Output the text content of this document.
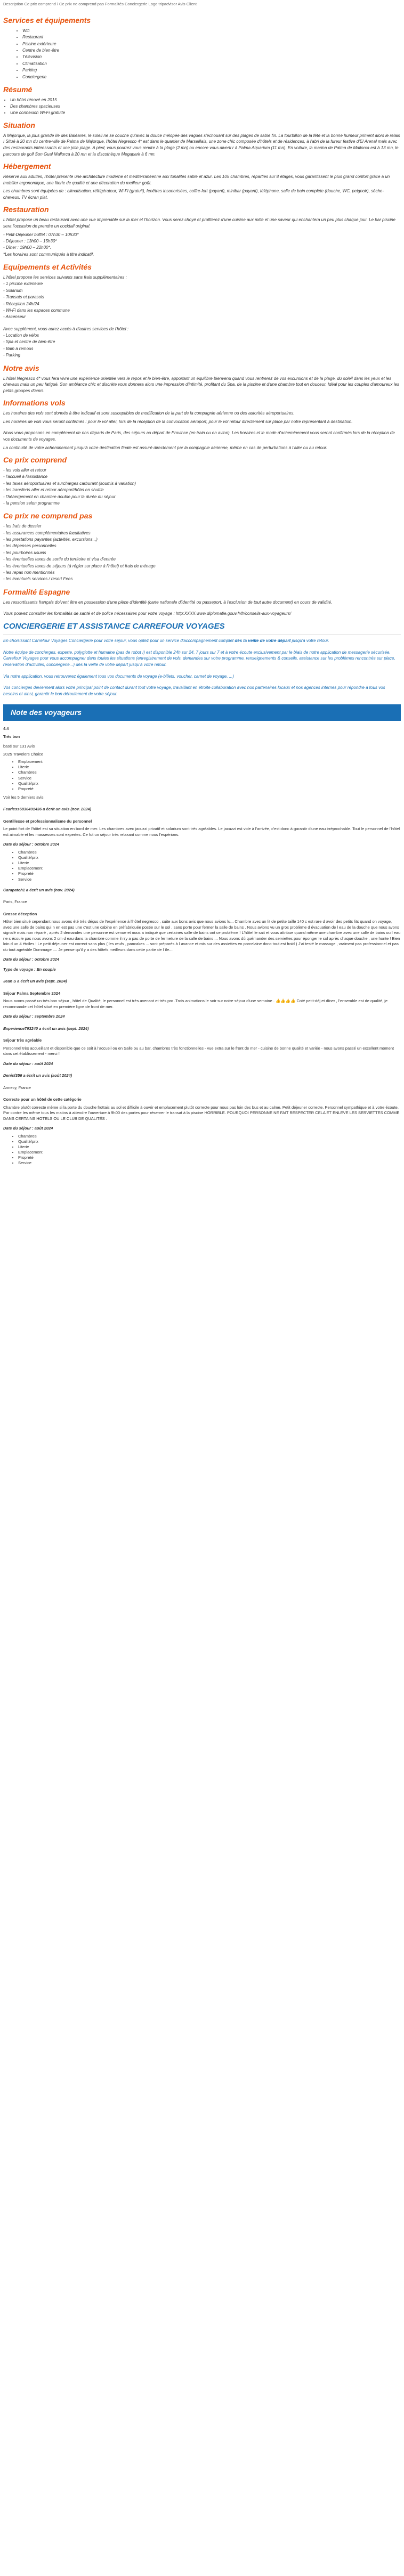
Description Ce prix comprend / Ce prix ne comprend pas Formalités Conciergerie Logo tripadvisor Avis Client
Services et équipements
• Wifi
• Restaurant
• Piscine extérieure
• Centre de bien-être
• Télévision
• Climatisation
• Parking
• Conciergerie
Résumé
• Un hôtel rénové en 2015
• Des chambres spacieuses
• Une connexion Wi-Fi gratuite
Situation

A Majorque, la plus grande île des Baléares, le soleil ne se couche qu'avec la douce mélopée des vagues s'échouant sur des plages de sable fin. La tourbillon de la fête et la bonne humeur priment alors le relais ! Situé à 20 mn du centre-ville de Palma de Majorque, l'hôtel Negresco 4* est dans le quartier de Marseillais, une zone chic composée d'hôtels et de résidences, à l'abri de la fureur festive d'El Arenal mais avec des restaurants intéressants et une jolie plage. A pied, vous pourrez vous rendre à la plage (2 mn) ou encore vous diverti r à Palma Aquarium (11 mn). En voiture, la marina de Palma de Mallorca est à 13 mn, le parcours de golf Son Gual Mallorca à 20 mn et la discothèque Megapark à 6 mn.

Hébergement

Réservé aux adultes, l'hôtel présente une architecture moderne et méditerranéenne aux tonalités sable et azur. Les 105 chambres, réparties sur 8 étages, vous garantissent le plus grand confort grâce à un mobilier ergonomique, une literie de qualité et une décoration du meilleur goût.

Les chambres sont équipées de : climatisation, réfrigérateur, Wi-Fi (gratuit), fenêtres insonorisées, coffre-fort (payant), minibar (payant), téléphone, salle de bain complète (douche, WC, peignoir), sèche-cheveux, TV écran plat.

Restauration

L'hôtel propose un beau restaurant avec une vue imprenable sur la mer et l'horizon. Vous serez choyé et profiterez d'une cuisine aux mille et une saveur qui enchantera un peu plus chaque jour. Le bar piscine sera l'occasion de prendre un cocktail original.

- Petit-Déjeuner buffet : 07h30 – 10h30*

- Déjeuner : 13h00 – 15h30*

- Dîner : 19h00 – 22h00*.

*Les horaires sont communiqués à titre indicatif.

Equipements et Activités

L'hôtel propose les services suivants sans frais supplémentaires :

- 1 piscine extérieure

- Solarium

- Transats et parasols

- Réception 24h/24

- Wi-Fi dans les espaces commune

- Ascenseur

Avec supplément, vous aurez accès à d'autres services de l'hôtel :

- Location de vélos

- Spa et centre de bien-être

- Bain à remous

- Parking

Notre avis

L'hôtel Negresco 4* vous fera vivre une expérience orientée vers le repos et le bien-être, apportant un équilibre bienvenu quand vous rentrerez de vos excursions et de la plage, du soleil dans les yeux et les chevaux mais un peu fatigué. Son ambiance chic et discrète vous donnera alors une impression d'intimité, profitant du Spa, de la piscine et d'une chambre tout en douceur. Idéal pour les couples d'amoureux les petits groupes d'amis.

Informations vols

Les horaires des vols sont donnés à titre indicatif et sont susceptibles de modification de la part de la compagnie aérienne ou des autorités aéroportuaires.

Les horaires de vols vous seront confirmés : pour le vol aller, lors de la réception de la convocation aéroport, pour le vol retour directement sur place par notre représentant à destination.

Nous vous proposons en complément de nos départs de Paris, des séjours au départ de Province (en train ou en avion). Les horaires et le mode d'acheminement vous seront confirmés lors de la réception de vos documents de voyages.

La continuité de votre acheminement jusqu'à votre destination finale est assuré directement par la compagnie aérienne, même en cas de perturbations à l'aller ou au retour.

Ce prix comprend

- les vols aller et retour

- l'accueil à l'assistance

- les taxes aéroportuaires et surcharges carburant (soumis à variation)

- les transferts aller et retour aéroport/hôtel en shuttle

- l'hébergement en chambre double pour la durée du séjour

- la pension selon programme

Ce prix ne comprend pas

- les frais de dossier

- les assurances complémentaires facultatives

- les prestations payantes (activités, excursions...)

- les dépenses personnelles

- les pourboires usuels

- les éventuelles taxes de sortie du territoire et visa d'entrée

- les éventuelles taxes de séjours (à régler sur place à l'hôtel) et frais de ménage

- les repas non mentionnés

- les éventuels services / resort Fees

Formalité Espagne

Les ressortissants français doivent être en possession d'une pièce d'identité (carte nationale d'identité ou passeport, à l'exclusion de tout autre document) en cours de validité.

Vous pouvez consulter les formalités de santé et de police nécessaires pour votre voyage : http:XXXX.www.diplomatie.gouv.fr/fr/conseils-aux-voyageurs/

CONCIERGERIE ET ASSISTANCE CARREFOUR VOYAGES

En choisissant Carrefour Voyages Conciergerie pour votre séjour, vous optez pour un service d'accompagnement complet dès la veille de votre départ jusqu'à votre retour.

Notre équipe de concierges, experte, polyglotte et humaine (pas de robot !) est disponible 24h sur 24, 7 jours sur 7 et à votre écoute exclusivement par le biais de notre application de messagerie sécurisée. Carrefour Voyages pour vous accompagner dans toutes les situations (enregistrement de vols, demandes sur votre programme, renseignements & conseils, assistance sur les problèmes rencontrés sur place, réservation d'activités, conciergerie...) dès la veille de votre départ jusqu'à votre retour.

Via notre application, vous retrouverez également tous vos documents de voyage (e-billets, voucher, carnet de voyage, ...)

Vos concierges deviennent alors votre principal point de contact durant tout votre voyage, travaillant en étroite collaboration avec nos partenaires locaux et nos agences internes pour répondre à tous vos besoins et ainsi, garantir le bon déroulement de votre séjour.

Note des voyageurs

4.4

Très bon

basé sur 131 Avis

2025 Travelers Choice

• Emplacement
• Literie
• Chambres
• Service
• Qualité/prix
• Propreté

Voir les 5 derniers avis

Fearless6836491436 a écrit un avis (nov. 2024)

Gentillesse et professionnalisme du personnel

Le point fort de l'hôtel est sa situation en bord de mer. Les chambres avec jacuzzi privatif et solarium sont très agréables. Le jacuzzi est vide à l'arrivée, c'est donc à garantir d'une eau irréprochable. Tout le personnel de l'hôtel est aimable et les massesses sont expertes. Ce fut un séjour très relaxant comme nous l'espérions.

Date du séjour : octobre 2024

• Chambres
• Qualité/prix
• Literie
• Emplacement
• Propreté
• Service

Carapatch1 a écrit un avis (nov. 2024)

Paris, France

Grosse déception

Hôtel bien situé cependant nous avons été très déçus de l'expérience à l'hôtel negresco , suite aux bons avis que nous avions lu... Chambre avec un lit de petite taille 140 c est rare d avoir des petits lits quand on voyage, avec une salle de bains qui n en est pas une c'est une cabine en préfabriquée posée sur le sol , sans porte pour fermer la salle de bains . Nous avions vu un gros problème d évacuation de l eau de la douche que nous avons signalé mais non réparé , après 2 demandes une personne est venue et nous a indiqué que certaines salle de bains ont ce problème ! L'hôtel le sait et vous attribue quand même une chambre avec une salle de bains ou l eau ne s écoule pas nous avons 2 cm d eau dans la chambre comme il n'y a pas de porte de fermeture de la salle de bains ... Nous avons dû quémander des serviettes pour éponger le sol après chaque douche , une honte ! Bien loin d un 4 étoiles ! Le petit déjeuner est correct sans plus ( les œufs , pancakes ... sont préparés à l avance et mis sur des assiettes en porcelaine donc tout est froid ) J'ai testé le massage , vraiment pas professionnel et pas du tout agréable Dommage .... Je pense qu'il y a des hôtels meilleurs dans cette partie de l île....

Date du séjour : octobre 2024

Type de voyage : En couple

Jean S a écrit un avis (sept. 2024)

Séjour Palma Septembre 2024

Nous avons passé un très bon séjour , hôtel de Qualité, le personnel est très avenant et très pro .Trois animations le soir sur notre séjour d'une semaine . 👍👍👍👍 Coté petit-déj et dîner , l'ensemble est de qualité, je recommande cet hôtel situé en première ligne de front de mer.

Date du séjour : septembre 2024

Experience793240 a écrit un avis (sept. 2024)

Séjour très agréable

Personnel très accueillant et disponible que ce soit à l'accueil ou en Salle ou au bar, chambres très fonctionnelles - vue extra sur le front de mer - cuisine de bonne qualité et variée - nous avons passé un excellent moment dans cet établissement - merci !

Date du séjour : août 2024

Denisf356 a écrit un avis (août 2024)

Annecy, France

Correcte pour un hôtel de cette catégorie

Chambre plutôt correcte même si la porte du douche frottais au sol et difficile à ouvrir et emplacement plutôt correcte pour nous pas loin des bus et au calme. Petit déjeuner correcte. Personnel sympathique et à votre écoute. Par contre les même tous les matins à attendre l'ouverture à 9h00 des portes pour réserver le transat à la piscine HORRIBLE. POURQUOI PERSONNE NE FAIT RESPECTER CELA ET ENLEVE LES SERVIETTES COMME DANS CERTAINS HOTELS OU LE CLUB DE QUALITÉS .

Date du séjour : août 2024

• Chambres
• Qualité/prix
• Literie
• Emplacement
• Propreté
• Service
